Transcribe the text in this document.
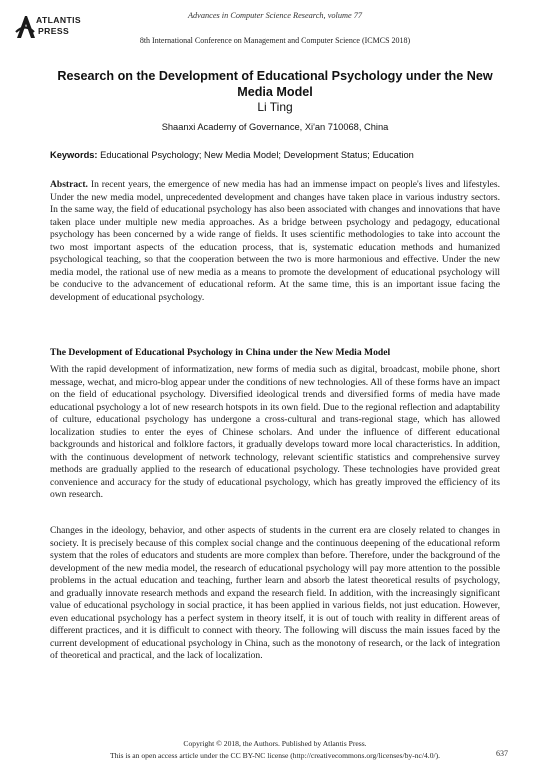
ATLANTIS
PRESS
Advances in Computer Science Research, volume 77
8th International Conference on Management and Computer Science (ICMCS 2018)
Research on the Development of Educational Psychology under the New Media Model
Li Ting
Shaanxi Academy of Governance, Xi'an 710068, China
Keywords: Educational Psychology; New Media Model; Development Status; Education
Abstract. In recent years, the emergence of new media has had an immense impact on people's lives and lifestyles. Under the new media model, unprecedented development and changes have taken place in various industry sectors. In the same way, the field of educational psychology has also been associated with changes and innovations that have taken place under multiple new media approaches. As a bridge between psychology and pedagogy, educational psychology has been concerned by a wide range of fields. It uses scientific methodologies to take into account the two most important aspects of the education process, that is, systematic education methods and humanized psychological teaching, so that the cooperation between the two is more harmonious and effective. Under the new media model, the rational use of new media as a means to promote the development of educational psychology will be conducive to the advancement of educational reform. At the same time, this is an important issue facing the development of educational psychology.
The Development of Educational Psychology in China under the New Media Model
With the rapid development of informatization, new forms of media such as digital, broadcast, mobile phone, short message, wechat, and micro-blog appear under the conditions of new technologies. All of these forms have an impact on the field of educational psychology. Diversified ideological trends and diversified forms of media have made educational psychology a lot of new research hotspots in its own field. Due to the regional reflection and adaptability of culture, educational psychology has undergone a cross-cultural and trans-regional stage, which has allowed localization studies to enter the eyes of Chinese scholars. And under the influence of different educational backgrounds and historical and folklore factors, it gradually develops toward more local characteristics. In addition, with the continuous development of network technology, relevant scientific statistics and comprehensive survey methods are gradually applied to the research of educational psychology. These technologies have provided great convenience and accuracy for the study of educational psychology, which has greatly improved the efficiency of its own research.
Changes in the ideology, behavior, and other aspects of students in the current era are closely related to changes in society. It is precisely because of this complex social change and the continuous deepening of the educational reform system that the roles of educators and students are more complex than before. Therefore, under the background of the development of the new media model, the research of educational psychology will pay more attention to the possible problems in the actual education and teaching, further learn and absorb the latest theoretical results of psychology, and gradually innovate research methods and expand the research field. In addition, with the increasingly significant value of educational psychology in social practice, it has been applied in various fields, not just education. However, even educational psychology has a perfect system in theory itself, it is out of touch with reality in different areas of different practices, and it is difficult to connect with theory. The following will discuss the main issues faced by the current development of educational psychology in China, such as the monotony of research, or the lack of integration of theoretical and practical, and the lack of localization.
Copyright © 2018, the Authors. Published by Atlantis Press.
This is an open access article under the CC BY-NC license (http://creativecommons.org/licenses/by-nc/4.0/).	637
